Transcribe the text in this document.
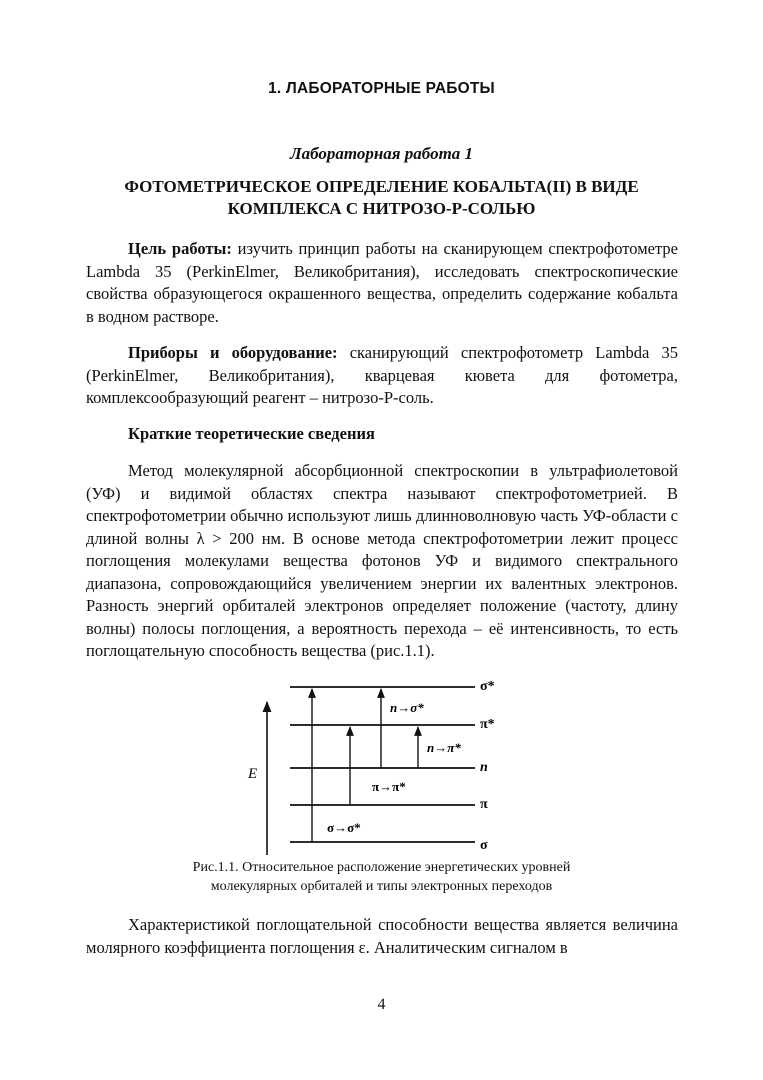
1. ЛАБОРАТОРНЫЕ РАБОТЫ
Лабораторная работа 1
ФОТОМЕТРИЧЕСКОЕ ОПРЕДЕЛЕНИЕ КОБАЛЬТА(II) В ВИДЕ
КОМПЛЕКСА С НИТРОЗО-Р-СОЛЬЮ

Цель работы: изучить принцип работы на сканирующем спектрофотометре Lambda 35 (PerkinElmer, Великобритания), исследовать спектроскопические свойства образующегося окрашенного вещества, определить содержание кобальта в водном растворе.

Приборы и оборудование: сканирующий спектрофотометр Lambda 35 (PerkinElmer, Великобритания), кварцевая кювета для фотометра, комплексообразующий реагент – нитрозо-Р-соль.

Краткие теоретические сведения

Метод молекулярной абсорбционной спектроскопии в ультрафиолетовой (УФ) и видимой областях спектра называют спектрофотометрией. В спектрофотометрии обычно используют лишь длинноволновую часть УФ-области с длиной волны λ > 200 нм. В основе метода спектрофотометрии лежит процесс поглощения молекулами вещества фотонов УФ и видимого спектрального диапазона, сопровождающийся увеличением энергии их валентных электронов. Разность энергий орбиталей электронов определяет положение (частоту, длину волны) полосы поглощения, а вероятность перехода – её интенсивность, то есть поглощательную способность вещества (рис.1.1).

E
σ*
π*
n
π
σ
n→σ*
n→π*
π→π*
σ→σ*
Рис.1.1. Относительное расположение энергетических уровней
молекулярных орбиталей и типы электронных переходов

Характеристикой поглощательной способности вещества является величина молярного коэффициента поглощения ε. Аналитическим сигналом в

4
